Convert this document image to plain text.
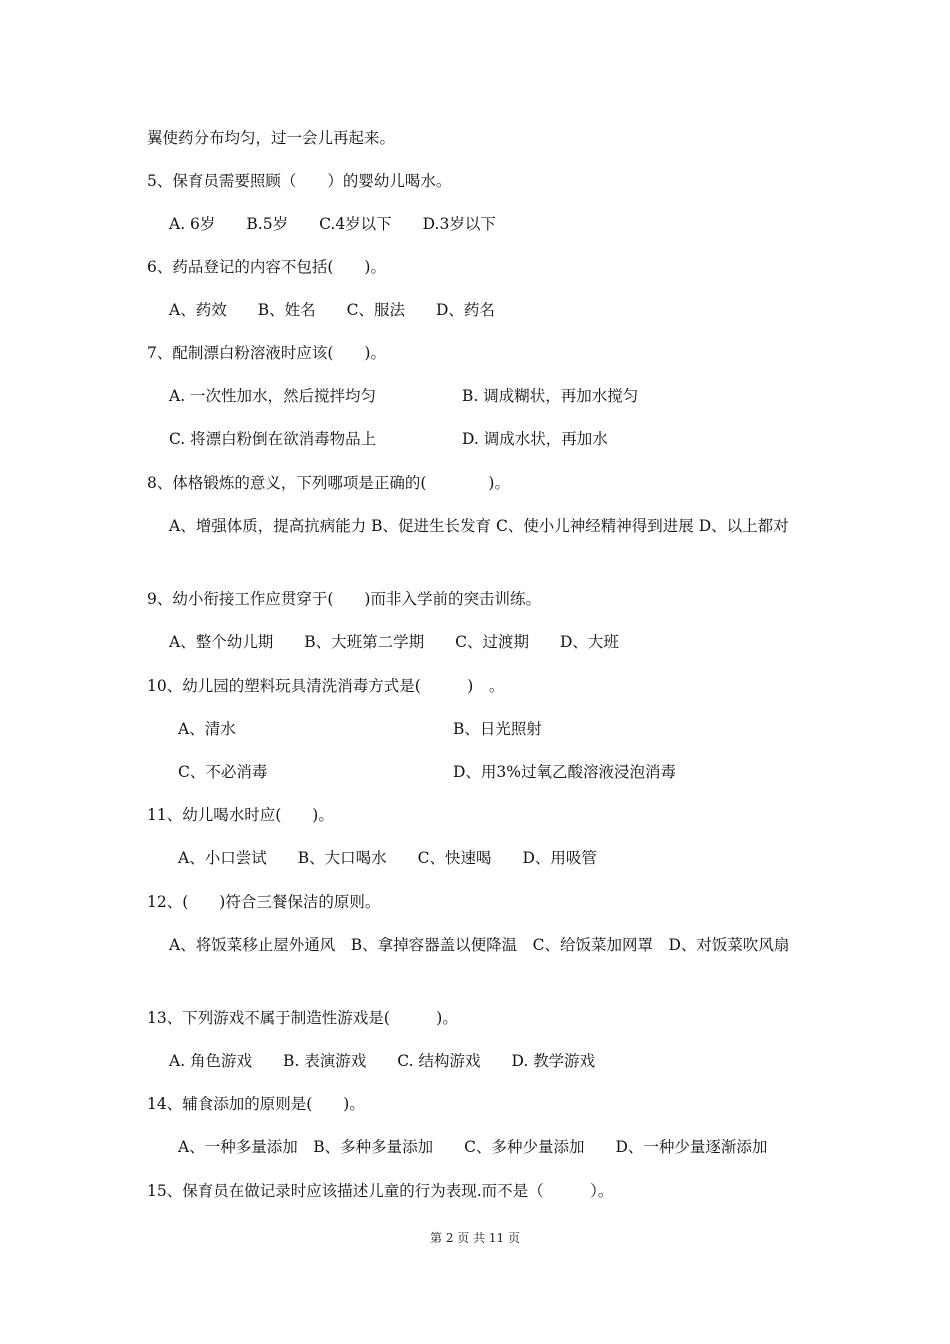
翼使药分布均匀，过一会儿再起来。
5、保育员需要照顾（　　）的婴幼儿喝水。
A. 6岁　　B.5岁　　C.4岁以下　　D.3岁以下
6、药品登记的内容不包括(　　)。
A、药效　　B、姓名　　C、服法　　D、药名
7、配制漂白粉溶液时应该(　　)。
A. 一次性加水，然后搅拌均匀	B. 调成糊状，再加水搅匀
C. 将漂白粉倒在欲消毒物品上	D. 调成水状，再加水
8、体格锻炼的意义，下列哪项是正确的(　　　　)。
A、增强体质，提高抗病能力 B、促进生长发育 C、使小儿神经精神得到进展 D、以上都对
9、幼小衔接工作应贯穿于(　　)而非入学前的突击训练。
A、整个幼儿期　　B、大班第二学期　　C、过渡期　　D、大班
10、幼儿园的塑料玩具清洗消毒方式是(　　　)　。
A、清水	B、日光照射
C、不必消毒	D、用3%过氧乙酸溶液浸泡消毒
11、幼儿喝水时应(　　)。
A、小口尝试　　B、大口喝水　　C、快速喝　　D、用吸管
12、(　　)符合三餐保洁的原则。
A、将饭菜移止屋外通风　B、拿掉容器盖以便降温　C、给饭菜加网罩　D、对饭菜吹风扇
13、下列游戏不属于制造性游戏是(　　　)。
A. 角色游戏　　B. 表演游戏　　C. 结构游戏　　D. 教学游戏
14、辅食添加的原则是(　　)。
A、一种多量添加　B、多种多量添加　　C、多种少量添加　　D、一种少量逐渐添加
15、保育员在做记录时应该描述儿童的行为表现.而不是（　　　）。
第 2 页 共 11 页
